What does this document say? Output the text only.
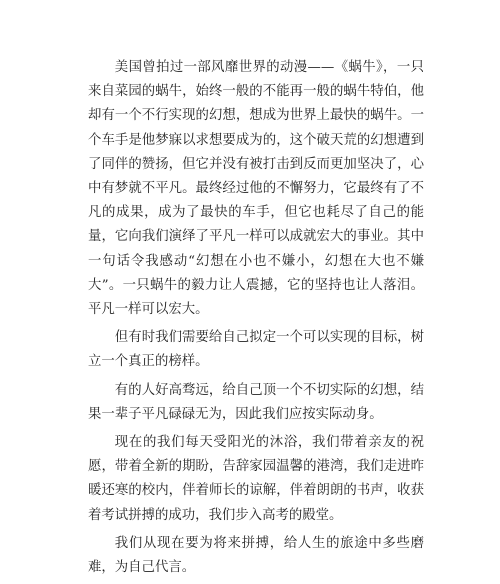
美国曾拍过一部风靡世界的动漫——《蜗牛》，一只来自菜园的蜗牛，始终一般的不能再一般的蜗牛特伯，他却有一个不行实现的幻想，想成为世界上最快的蜗牛。一个车手是他梦寐以求想要成为的，这个破天荒的幻想遭到了同伴的赞扬，但它并没有被打击到反而更加坚决了，心中有梦就不平凡。最终经过他的不懈努力，它最终有了不凡的成果，成为了最快的车手，但它也耗尽了自己的能量，它向我们演绎了平凡一样可以成就宏大的事业。其中一句话令我感动“幻想在小也不嫌小，幻想在大也不嫌大”。一只蜗牛的毅力让人震撼，它的坚持也让人落泪。平凡一样可以宏大。

但有时我们需要给自己拟定一个可以实现的目标，树立一个真正的榜样。

有的人好高骛远，给自己顶一个不切实际的幻想，结果一辈子平凡碌碌无为，因此我们应按实际动身。

现在的我们每天受阳光的沐浴，我们带着亲友的祝愿，带着全新的期盼，告辞家园温馨的港湾，我们走进昨暖还寒的校内，伴着师长的谅解，伴着朗朗的书声，收获着考试拼搏的成功，我们步入高考的殿堂。

我们从现在要为将来拼搏，给人生的旅途中多些磨难，为自己代言。
